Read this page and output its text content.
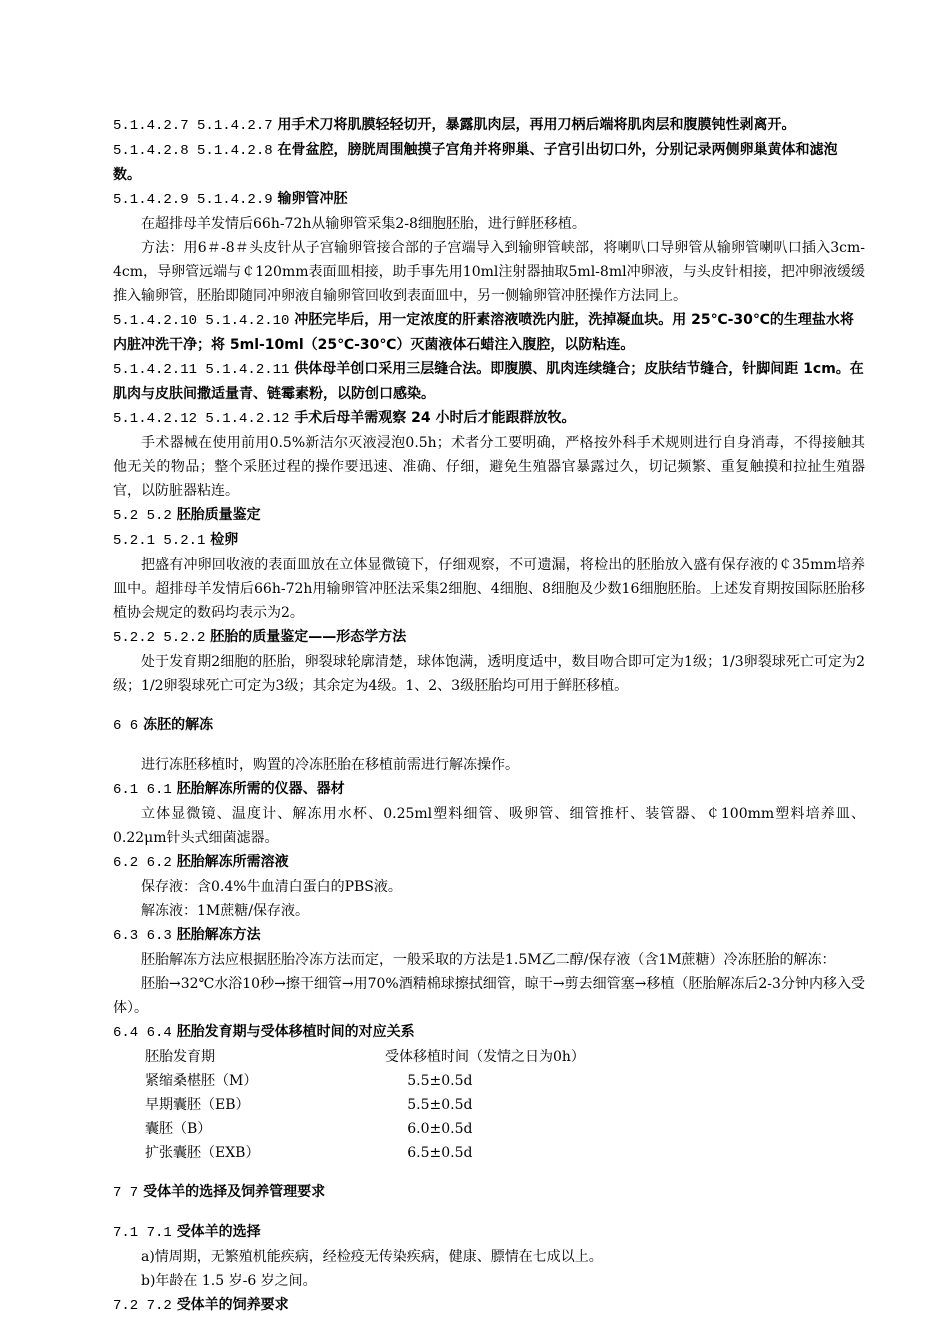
5.1.4.2.7 5.1.4.2.7 用手术刀将肌膜轻轻切开，暴露肌肉层，再用刀柄后端将肌肉层和腹膜钝性剥离开。
5.1.4.2.8 5.1.4.2.8 在骨盆腔，膀胱周围触摸子宫角并将卵巢、子宫引出切口外，分别记录两侧卵巢黄体和滤泡数。
5.1.4.2.9 5.1.4.2.9 输卵管冲胚
在超排母羊发情后66h-72h从输卵管采集2-8细胞胚胎，进行鲜胚移植。
方法：用6＃-8＃头皮针从子宫输卵管接合部的子宫端导入到输卵管峡部，将喇叭口导卵管从输卵管喇叭口插入3cm-4cm，导卵管远端与￠120mm表面皿相接，助手事先用10ml注射器抽取5ml-8ml冲卵液，与头皮针相接，把冲卵液缓缓推入输卵管，胚胎即随同冲卵液自输卵管回收到表面皿中，另一侧输卵管冲胚操作方法同上。
5.1.4.2.10 5.1.4.2.10 冲胚完毕后，用一定浓度的肝素溶液喷洗内脏，洗掉凝血块。用 25℃-30℃的生理盐水将内脏冲洗干净；将 5ml-10ml（25℃-30℃）灭菌液体石蜡注入腹腔，以防粘连。
5.1.4.2.11 5.1.4.2.11 供体母羊创口采用三层缝合法。即腹膜、肌肉连续缝合；皮肤结节缝合，针脚间距 1cm。在肌肉与皮肤间撒适量青、链霉素粉，以防创口感染。
5.1.4.2.12 5.1.4.2.12 手术后母羊需观察 24 小时后才能跟群放牧。
手术器械在使用前用0.5%新洁尔灭液浸泡0.5h；术者分工要明确，严格按外科手术规则进行自身消毒，不得接触其他无关的物品；整个采胚过程的操作要迅速、准确、仔细，避免生殖器官暴露过久，切记频繁、重复触摸和拉扯生殖器官，以防脏器粘连。
5.2 5.2 胚胎质量鉴定
5.2.1 5.2.1 检卵
把盛有冲卵回收液的表面皿放在立体显微镜下，仔细观察，不可遗漏，将检出的胚胎放入盛有保存液的￠35mm培养皿中。超排母羊发情后66h-72h用输卵管冲胚法采集2细胞、4细胞、8细胞及少数16细胞胚胎。上述发育期按国际胚胎移植协会规定的数码均表示为2。
5.2.2 5.2.2 胚胎的质量鉴定——形态学方法
处于发育期2细胞的胚胎，卵裂球轮廓清楚，球体饱满，透明度适中，数目吻合即可定为1级；1/3卵裂球死亡可定为2级；1/2卵裂球死亡可定为3级；其余定为4级。1、2、3级胚胎均可用于鲜胚移植。
6 6 冻胚的解冻
进行冻胚移植时，购置的冷冻胚胎在移植前需进行解冻操作。
6.1 6.1 胚胎解冻所需的仪器、器材
立体显微镜、温度计、解冻用水杯、0.25ml塑料细管、吸卵管、细管推杆、装管器、￠100mm塑料培养皿、0.22μm针头式细菌滤器。
6.2 6.2 胚胎解冻所需溶液
保存液：含0.4%牛血清白蛋白的PBS液。
解冻液：1M蔗糖/保存液。
6.3 6.3 胚胎解冻方法
胚胎解冻方法应根据胚胎冷冻方法而定，一般采取的方法是1.5M乙二醇/保存液（含1M蔗糖）冷冻胚胎的解冻：
胚胎→32℃水浴10秒→擦干细管→用70%酒精棉球擦拭细管，晾干→剪去细管塞→移植（胚胎解冻后2-3分钟内移入受体）。
6.4 6.4 胚胎发育期与受体移植时间的对应关系
胚胎发育期	受体移植时间（发情之日为0h）
紧缩桑椹胚（M）	5.5±0.5d
早期囊胚（EB）	5.5±0.5d
囊胚（B）	6.0±0.5d
扩张囊胚（EXB）	6.5±0.5d
7 7 受体羊的选择及饲养管理要求
7.1 7.1 受体羊的选择
a)情周期，无繁殖机能疾病，经检疫无传染疾病，健康、膘情在七成以上。
b)年龄在 1.5 岁-6 岁之间。
7.2 7.2 受体羊的饲养要求
